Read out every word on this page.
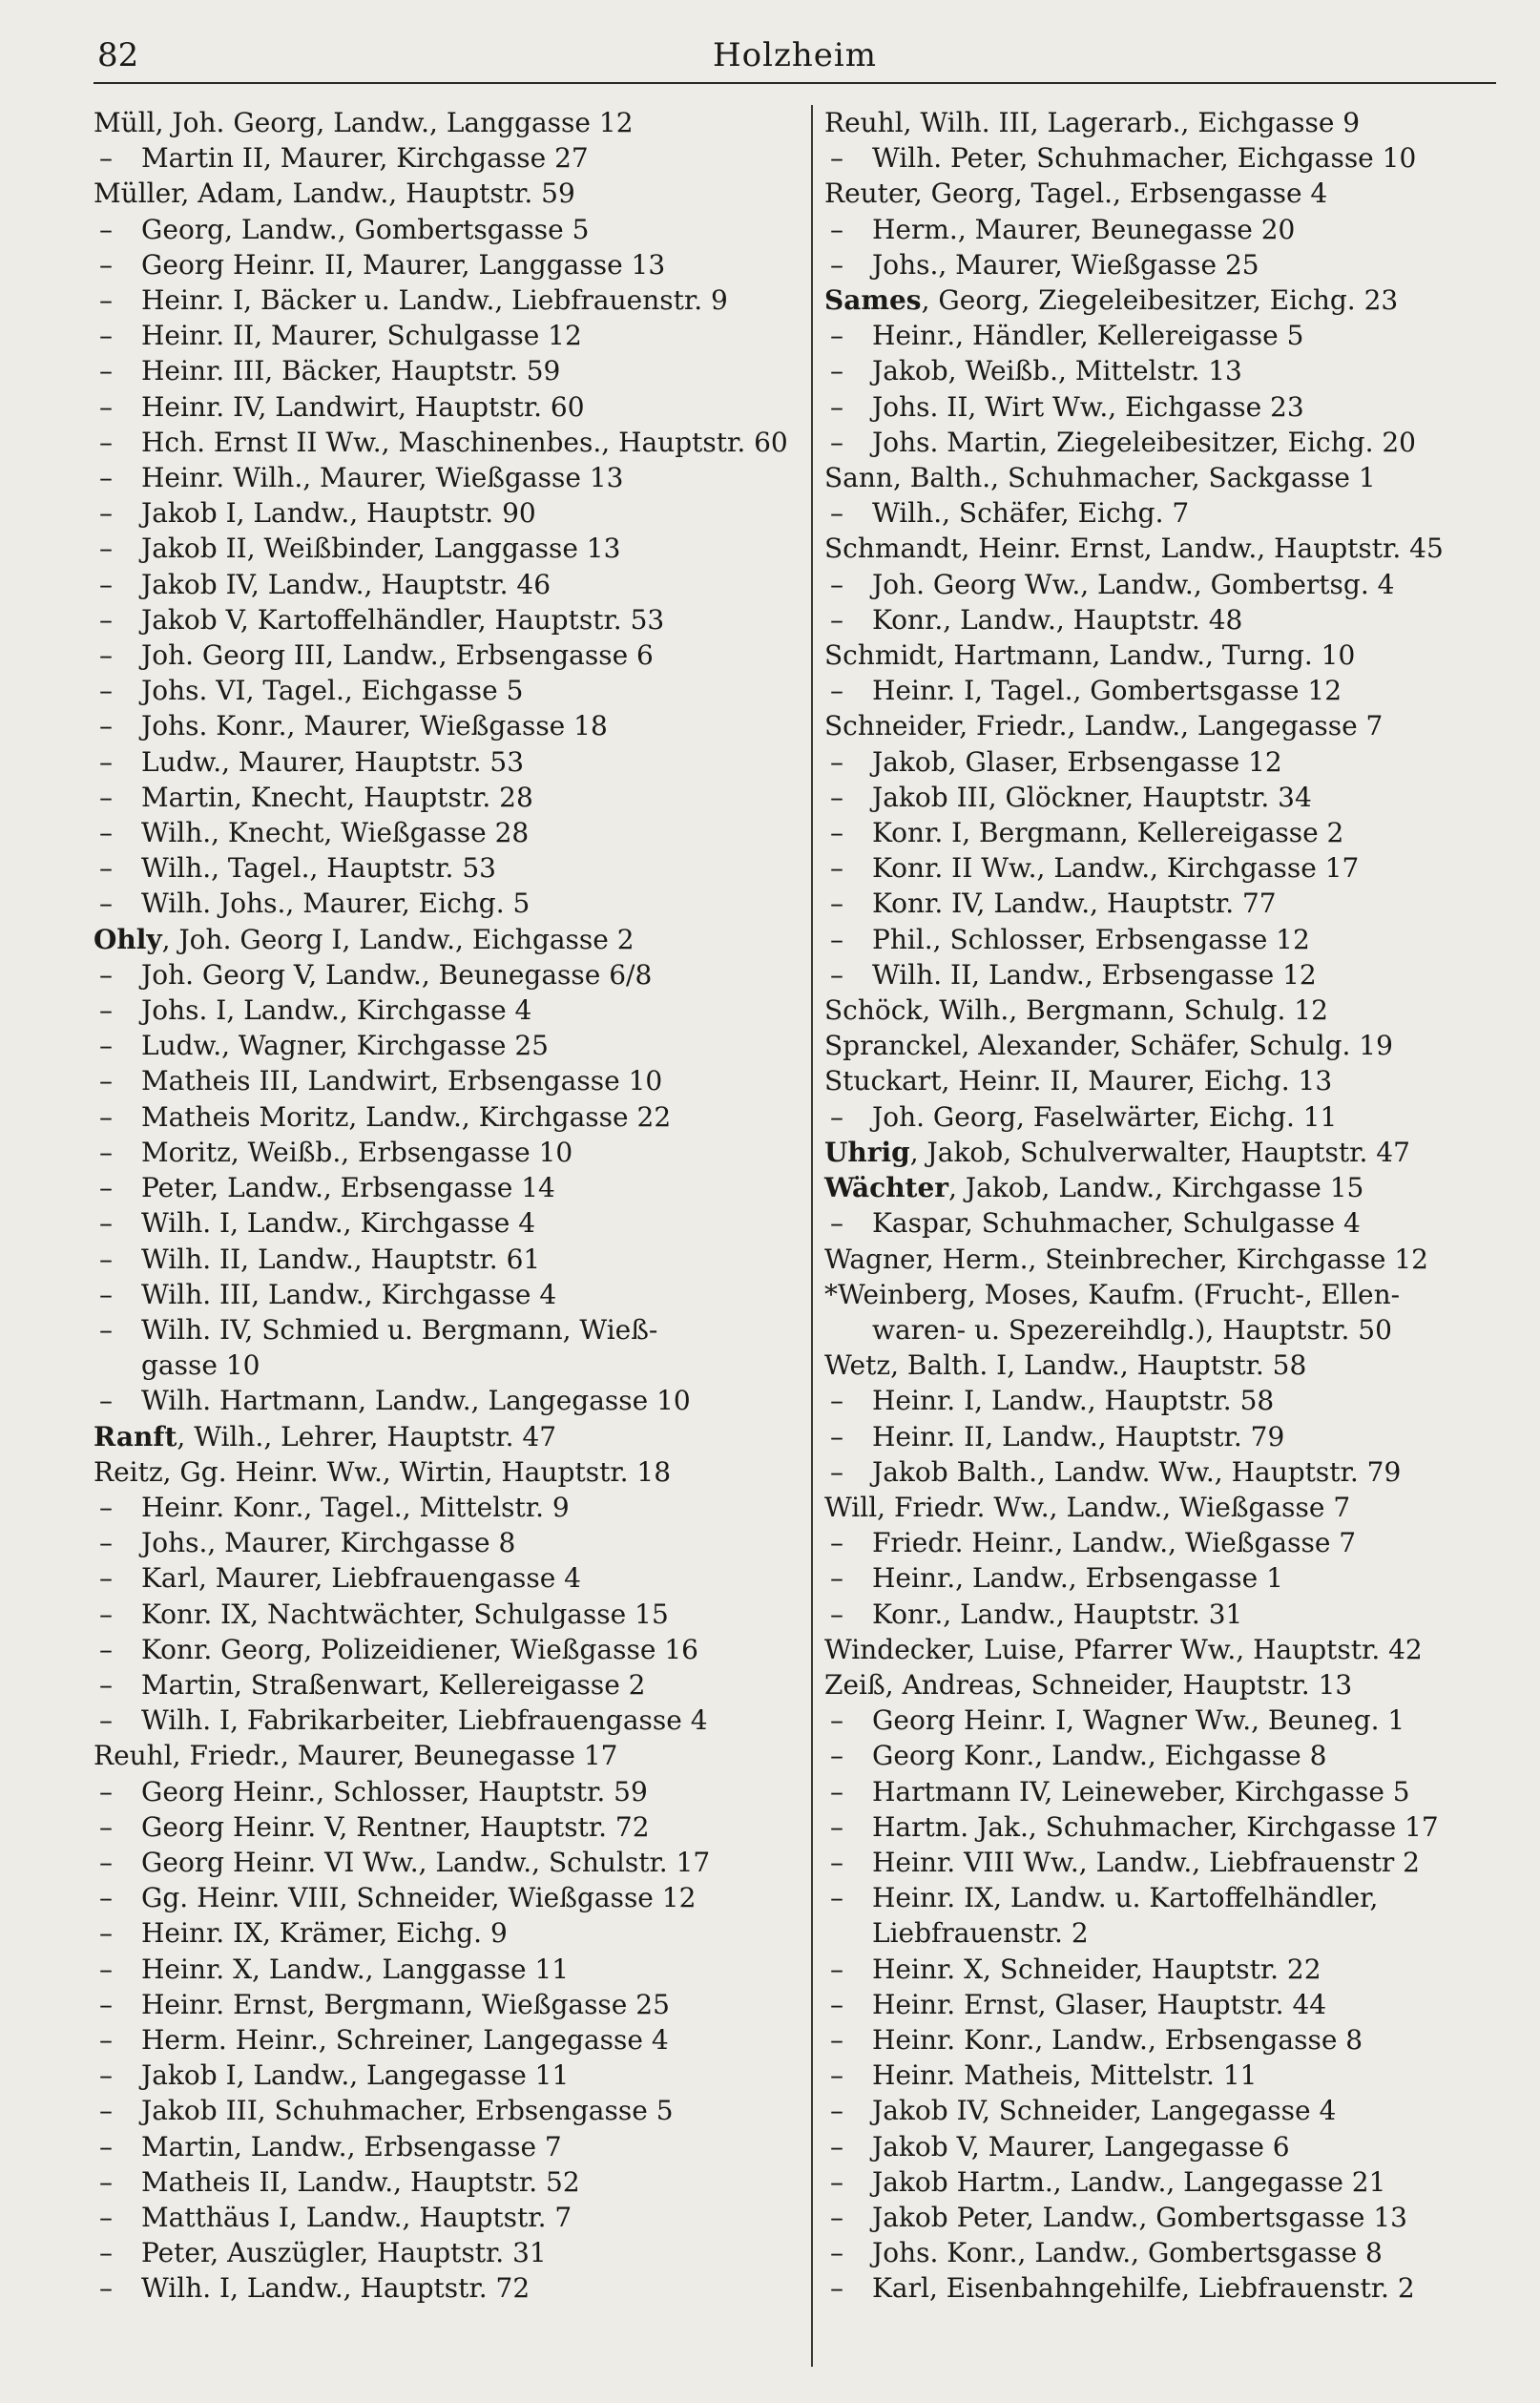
82	Holzheim
Müll, Joh. Georg, Landw., Langgasse 12
– Martin II, Maurer, Kirchgasse 27
Müller, Adam, Landw., Hauptstr. 59
– Georg, Landw., Gombertsgasse 5
– Georg Heinr. II, Maurer, Langgasse 13
– Heinr. I, Bäcker u. Landw., Liebfrauenstr. 9
– Heinr. II, Maurer, Schulgasse 12
– Heinr. III, Bäcker, Hauptstr. 59
– Heinr. IV, Landwirt, Hauptstr. 60
– Hch. Ernst II Ww., Maschinenbes., Hauptstr. 60
– Heinr. Wilh., Maurer, Wießgasse 13
– Jakob I, Landw., Hauptstr. 90
– Jakob II, Weißbinder, Langgasse 13
– Jakob IV, Landw., Hauptstr. 46
– Jakob V, Kartoffelhändler, Hauptstr. 53
– Joh. Georg III, Landw., Erbsengasse 6
– Johs. VI, Tagel., Eichgasse 5
– Johs. Konr., Maurer, Wießgasse 18
– Ludw., Maurer, Hauptstr. 53
– Martin, Knecht, Hauptstr. 28
– Wilh., Knecht, Wießgasse 28
– Wilh., Tagel., Hauptstr. 53
– Wilh. Johs., Maurer, Eichg. 5
Ohly, Joh. Georg I, Landw., Eichgasse 2
– Joh. Georg V, Landw., Beunegasse 6/8
– Johs. I, Landw., Kirchgasse 4
– Ludw., Wagner, Kirchgasse 25
– Matheis III, Landwirt, Erbsengasse 10
– Matheis Moritz, Landw., Kirchgasse 22
– Moritz, Weißb., Erbsengasse 10
– Peter, Landw., Erbsengasse 14
– Wilh. I, Landw., Kirchgasse 4
– Wilh. II, Landw., Hauptstr. 61
– Wilh. III, Landw., Kirchgasse 4
– Wilh. IV, Schmied u. Bergmann, Wieß-
gasse 10
– Wilh. Hartmann, Landw., Langegasse 10
Ranft, Wilh., Lehrer, Hauptstr. 47
Reitz, Gg. Heinr. Ww., Wirtin, Hauptstr. 18
– Heinr. Konr., Tagel., Mittelstr. 9
– Johs., Maurer, Kirchgasse 8
– Karl, Maurer, Liebfrauengasse 4
– Konr. IX, Nachtwächter, Schulgasse 15
– Konr. Georg, Polizeidiener, Wießgasse 16
– Martin, Straßenwart, Kellereigasse 2
– Wilh. I, Fabrikarbeiter, Liebfrauengasse 4
Reuhl, Friedr., Maurer, Beunegasse 17
– Georg Heinr., Schlosser, Hauptstr. 59
– Georg Heinr. V, Rentner, Hauptstr. 72
– Georg Heinr. VI Ww., Landw., Schulstr. 17
– Gg. Heinr. VIII, Schneider, Wießgasse 12
– Heinr. IX, Krämer, Eichg. 9
– Heinr. X, Landw., Langgasse 11
– Heinr. Ernst, Bergmann, Wießgasse 25
– Herm. Heinr., Schreiner, Langegasse 4
– Jakob I, Landw., Langegasse 11
– Jakob III, Schuhmacher, Erbsengasse 5
– Martin, Landw., Erbsengasse 7
– Matheis II, Landw., Hauptstr. 52
– Matthäus I, Landw., Hauptstr. 7
– Peter, Auszügler, Hauptstr. 31
– Wilh. I, Landw., Hauptstr. 72
Reuhl, Wilh. III, Lagerarb., Eichgasse 9
– Wilh. Peter, Schuhmacher, Eichgasse 10
Reuter, Georg, Tagel., Erbsengasse 4
– Herm., Maurer, Beunegasse 20
– Johs., Maurer, Wießgasse 25
Sames, Georg, Ziegeleibesitzer, Eichg. 23
– Heinr., Händler, Kellereigasse 5
– Jakob, Weißb., Mittelstr. 13
– Johs. II, Wirt Ww., Eichgasse 23
– Johs. Martin, Ziegeleibesitzer, Eichg. 20
Sann, Balth., Schuhmacher, Sackgasse 1
– Wilh., Schäfer, Eichg. 7
Schmandt, Heinr. Ernst, Landw., Hauptstr. 45
– Joh. Georg Ww., Landw., Gombertsg. 4
– Konr., Landw., Hauptstr. 48
Schmidt, Hartmann, Landw., Turng. 10
– Heinr. I, Tagel., Gombertsgasse 12
Schneider, Friedr., Landw., Langegasse 7
– Jakob, Glaser, Erbsengasse 12
– Jakob III, Glöckner, Hauptstr. 34
– Konr. I, Bergmann, Kellereigasse 2
– Konr. II Ww., Landw., Kirchgasse 17
– Konr. IV, Landw., Hauptstr. 77
– Phil., Schlosser, Erbsengasse 12
– Wilh. II, Landw., Erbsengasse 12
Schöck, Wilh., Bergmann, Schulg. 12
Spranckel, Alexander, Schäfer, Schulg. 19
Stuckart, Heinr. II, Maurer, Eichg. 13
– Joh. Georg, Faselwärter, Eichg. 11
Uhrig, Jakob, Schulverwalter, Hauptstr. 47
Wächter, Jakob, Landw., Kirchgasse 15
– Kaspar, Schuhmacher, Schulgasse 4
Wagner, Herm., Steinbrecher, Kirchgasse 12
*Weinberg, Moses, Kaufm. (Frucht-, Ellen-
waren- u. Spezereihdlg.), Hauptstr. 50
Wetz, Balth. I, Landw., Hauptstr. 58
– Heinr. I, Landw., Hauptstr. 58
– Heinr. II, Landw., Hauptstr. 79
– Jakob Balth., Landw. Ww., Hauptstr. 79
Will, Friedr. Ww., Landw., Wießgasse 7
– Friedr. Heinr., Landw., Wießgasse 7
– Heinr., Landw., Erbsengasse 1
– Konr., Landw., Hauptstr. 31
Windecker, Luise, Pfarrer Ww., Hauptstr. 42
Zeiß, Andreas, Schneider, Hauptstr. 13
– Georg Heinr. I, Wagner Ww., Beuneg. 1
– Georg Konr., Landw., Eichgasse 8
– Hartmann IV, Leineweber, Kirchgasse 5
– Hartm. Jak., Schuhmacher, Kirchgasse 17
– Heinr. VIII Ww., Landw., Liebfrauenstr 2
– Heinr. IX, Landw. u. Kartoffelhändler,
Liebfrauenstr. 2
– Heinr. X, Schneider, Hauptstr. 22
– Heinr. Ernst, Glaser, Hauptstr. 44
– Heinr. Konr., Landw., Erbsengasse 8
– Heinr. Matheis, Mittelstr. 11
– Jakob IV, Schneider, Langegasse 4
– Jakob V, Maurer, Langegasse 6
– Jakob Hartm., Landw., Langegasse 21
– Jakob Peter, Landw., Gombertsgasse 13
– Johs. Konr., Landw., Gombertsgasse 8
– Karl, Eisenbahngehilfe, Liebfrauenstr. 2
